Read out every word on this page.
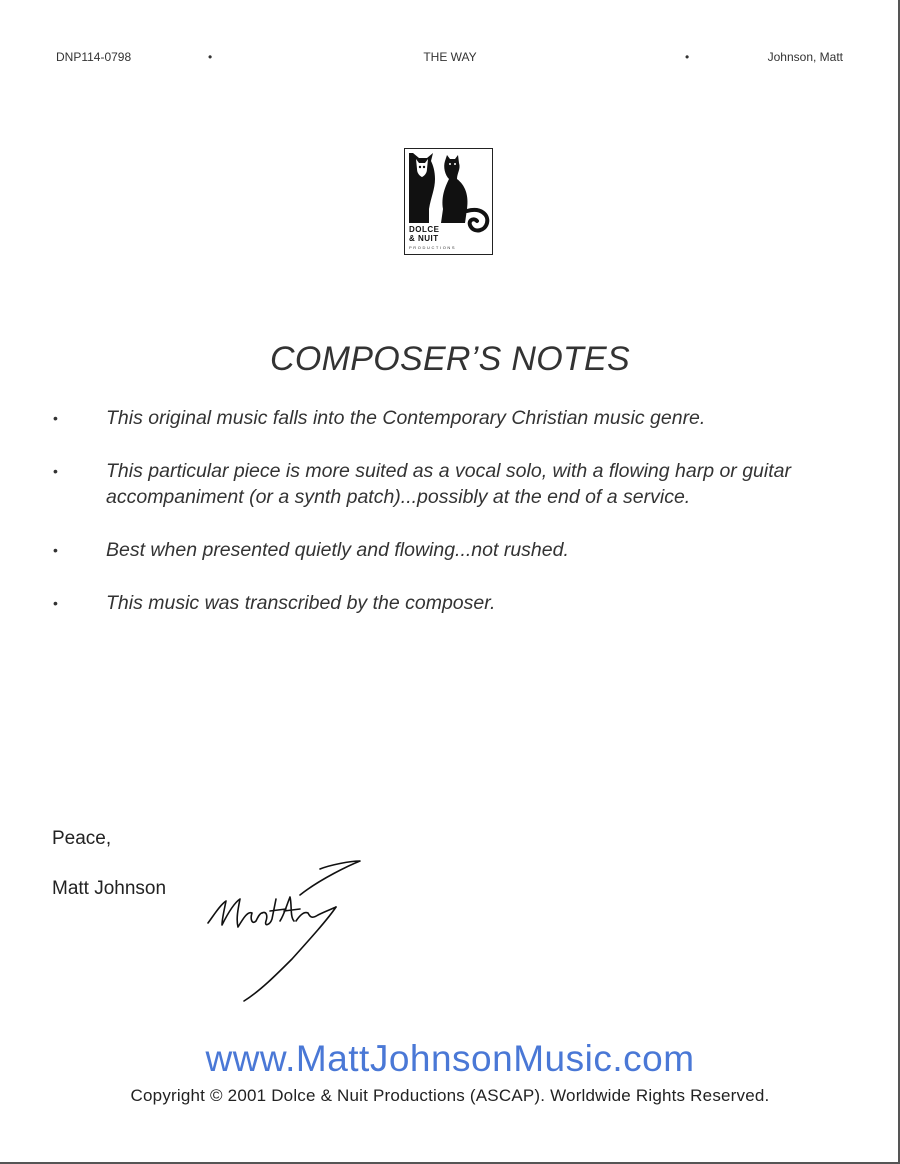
DNP114-0798	•	THE WAY	•	Johnson, Matt
DOLCE
& NUIT
PRODUCTIONS
COMPOSER’S NOTES
• This original music falls into the Contemporary Christian music genre.
• This particular piece is more suited as a vocal solo, with a flowing harp or guitar accompaniment (or a synth patch)...possibly at the end of a service.
• Best when presented quietly and flowing...not rushed.
• This music was transcribed by the composer.
Peace,
Matt Johnson
www.MattJohnsonMusic.com
Copyright © 2001 Dolce & Nuit Productions (ASCAP). Worldwide Rights Reserved.
